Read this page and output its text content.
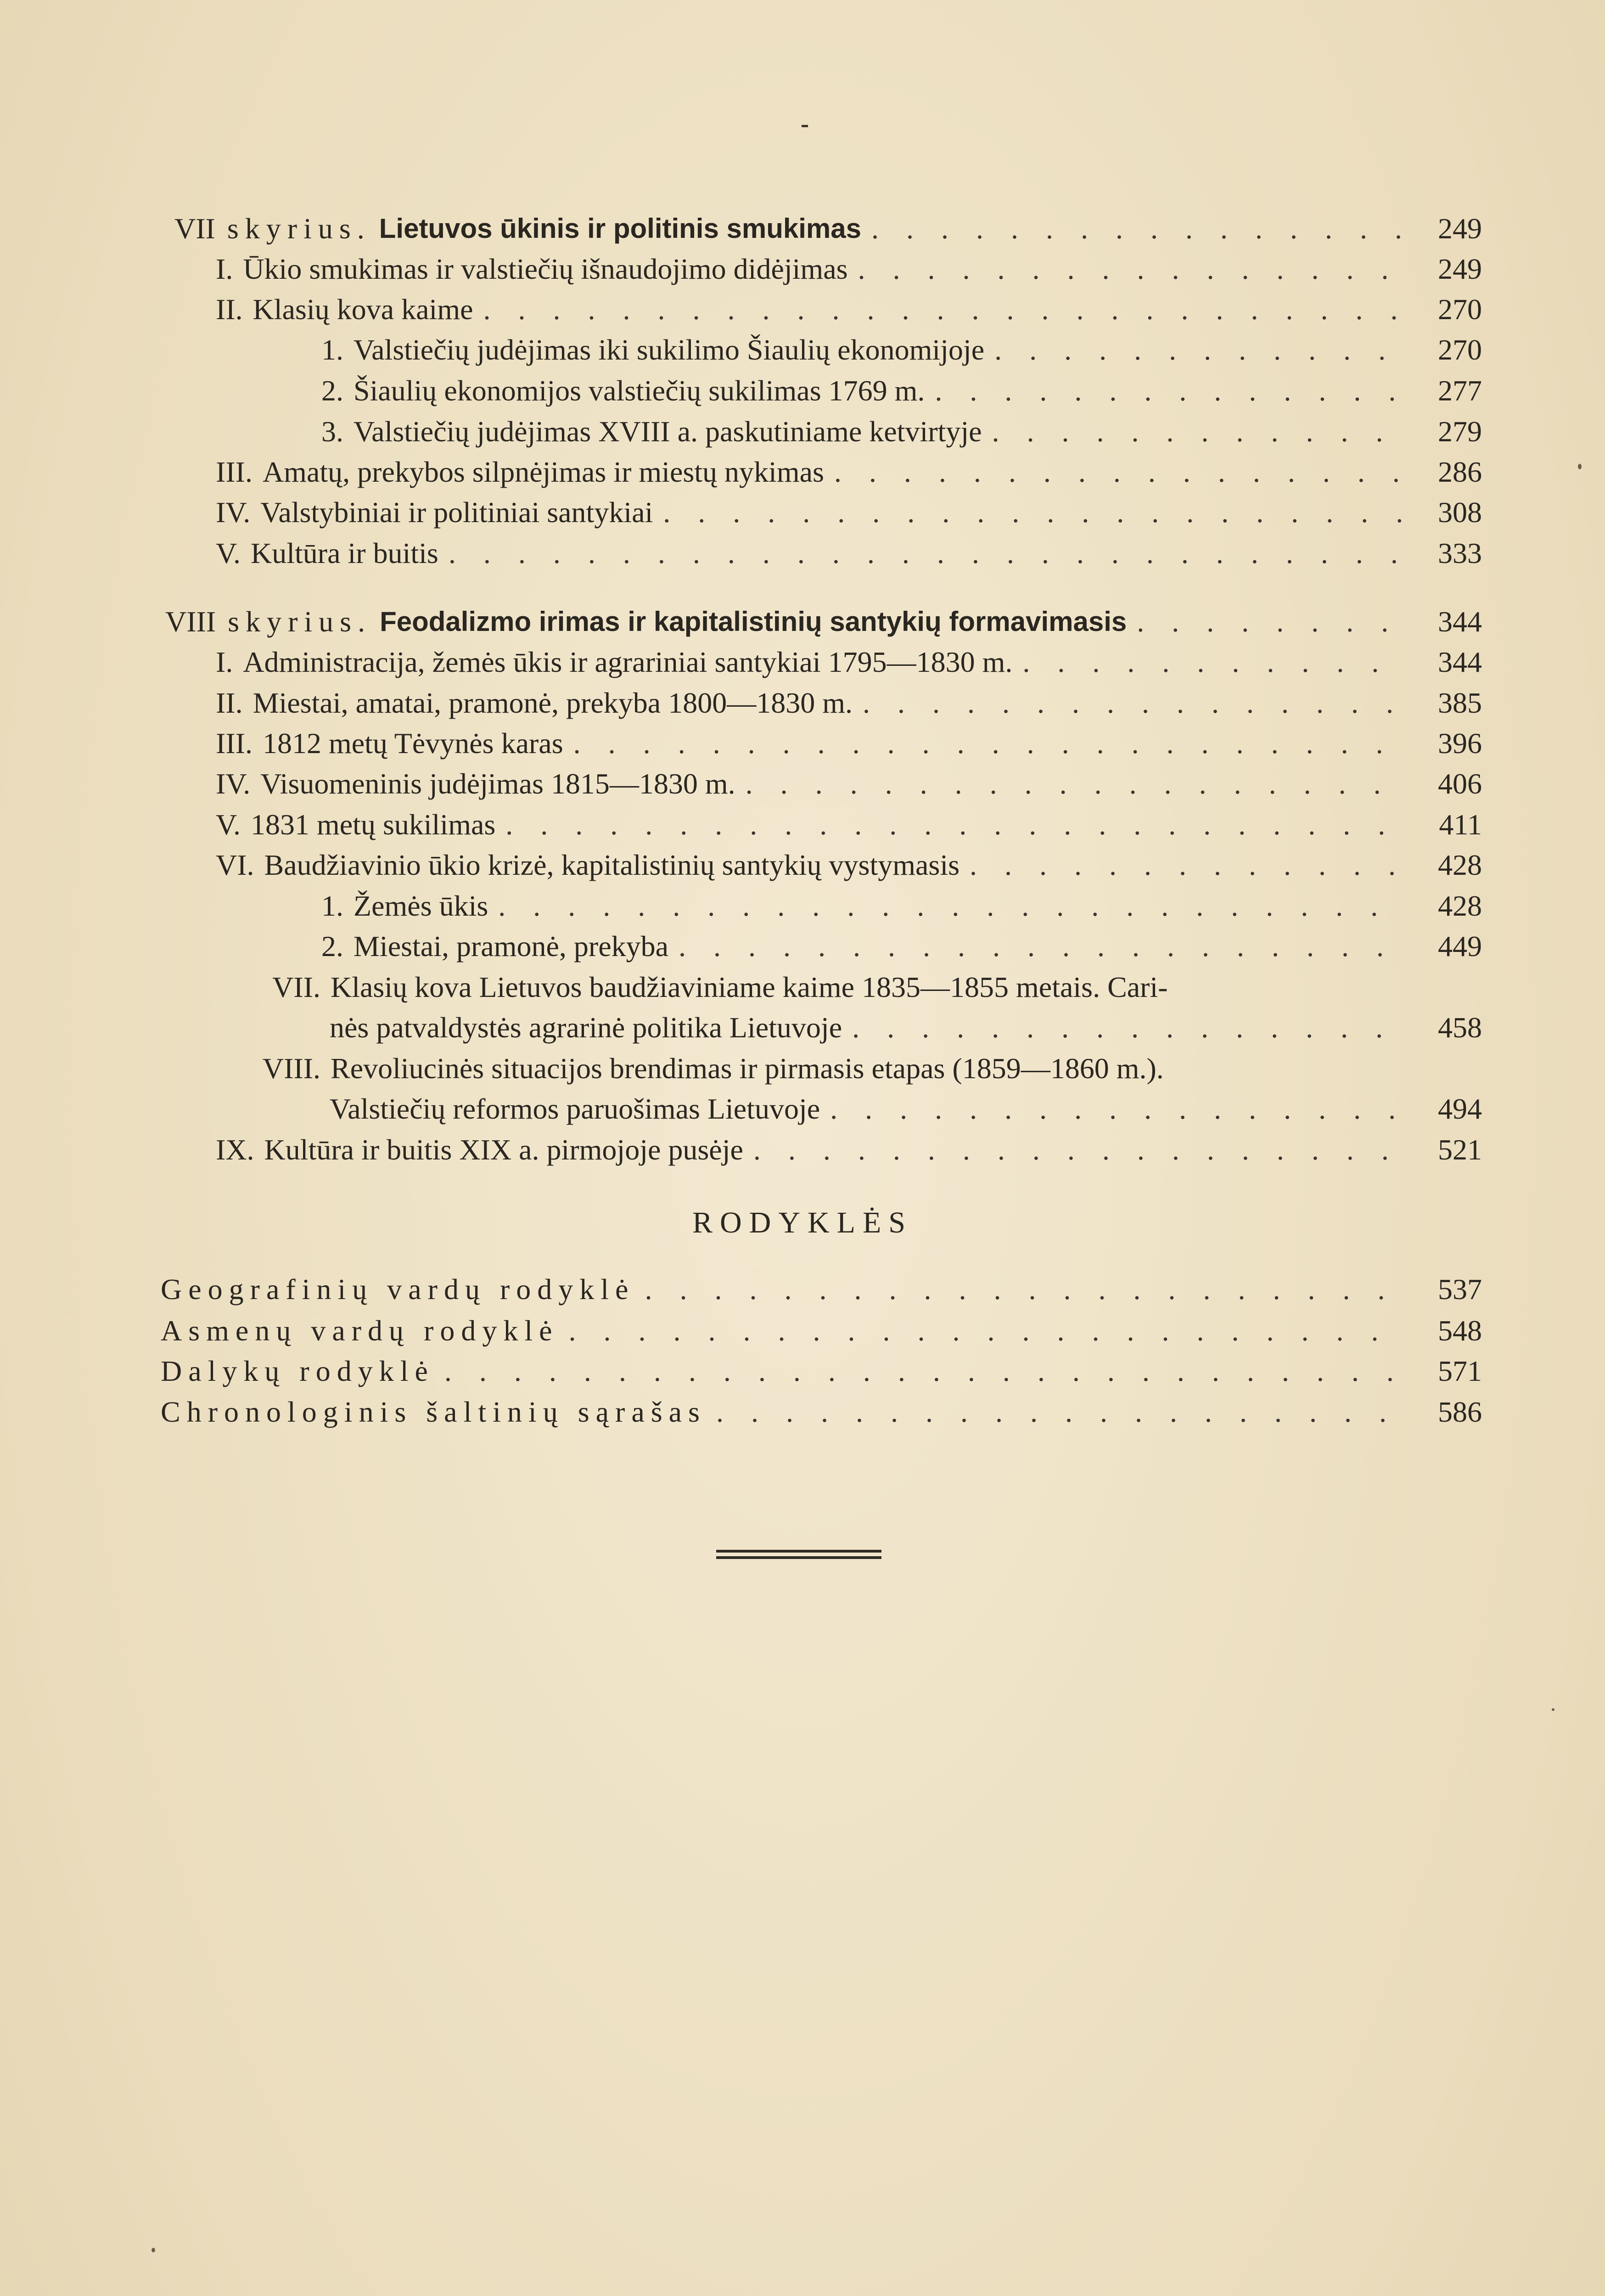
VII skyrius. Lietuvos ūkinis ir politinis smukimas . . .	249
I. Ūkio smukimas ir valstiečių išnaudojimo didėjimas . . .	249
II. Klasių kova kaime . . .	270
1. Valstiečių judėjimas iki sukilimo Šiaulių ekonomijoje . . .	270
2. Šiaulių ekonomijos valstiečių sukilimas 1769 m. . . .	277
3. Valstiečių judėjimas XVIII a. paskutiniame ketvirtyje . . .	279
III. Amatų, prekybos silpnėjimas ir miestų nykimas . . .	286
IV. Valstybiniai ir politiniai santykiai . . .	308
V. Kultūra ir buitis . . .	333
VIII skyrius. Feodalizmo irimas ir kapitalistinių santykių formavimasis . . .	344
I. Administracija, žemės ūkis ir agrariniai santykiai 1795—1830 m. . . .	344
II. Miestai, amatai, pramonė, prekyba 1800—1830 m. . . .	385
III. 1812 metų Tėvynės karas . . .	396
IV. Visuomeninis judėjimas 1815—1830 m. . . .	406
V. 1831 metų sukilimas . . .	411
VI. Baudžiavinio ūkio krizė, kapitalistinių santykių vystymasis . . .	428
1. Žemės ūkis . . .	428
2. Miestai, pramonė, prekyba . . .	449
VII. Klasių kova Lietuvos baudžiaviniame kaime 1835—1855 metais. Cari-
nės patvaldystės agrarinė politika Lietuvoje . . .	458
VIII. Revoliucinės situacijos brendimas ir pirmasis etapas (1859—1860 m.).
Valstiečių reformos paruošimas Lietuvoje . . .	494
IX. Kultūra ir buitis XIX a. pirmojoje pusėje . . .	521
RODYKLĖS
Geografinių vardų rodyklė . . .	537
Asmenų vardų rodyklė . . .	548
Dalykų rodyklė . . .	571
Chronologinis šaltinių sąrašas . . .	586
